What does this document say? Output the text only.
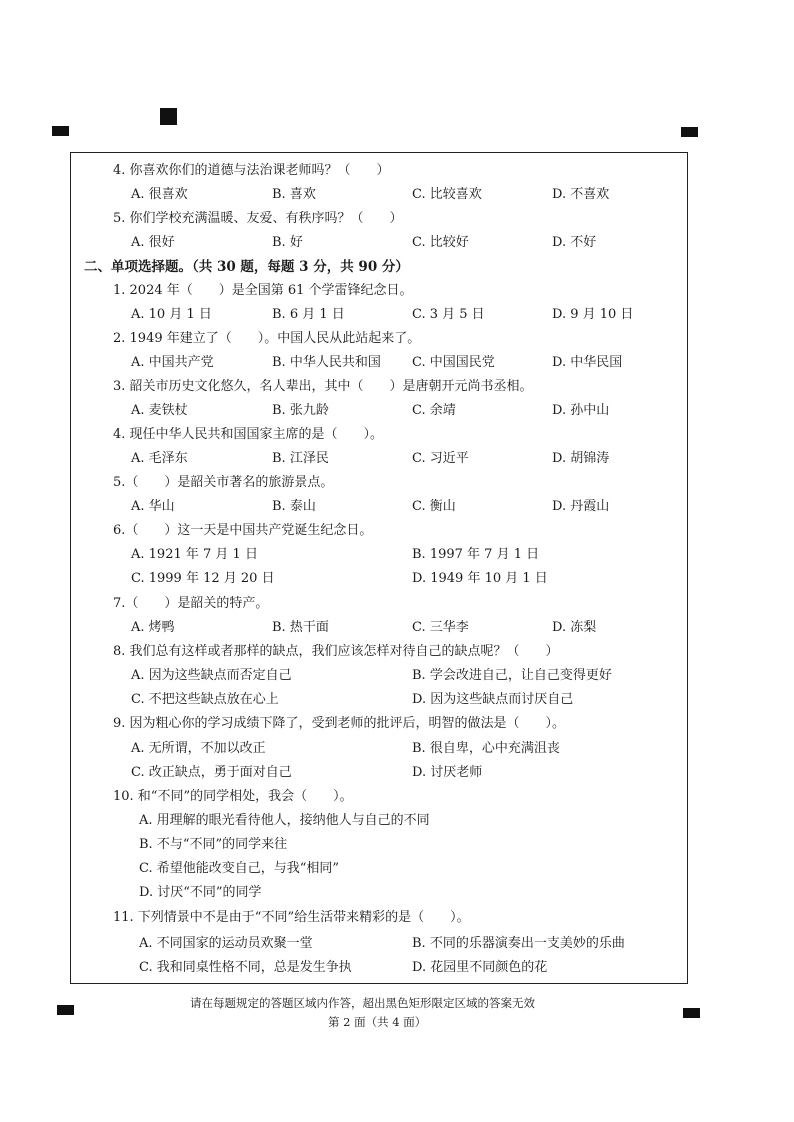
4. 你喜欢你们的道德与法治课老师吗？（　　）
A. 很喜欢	B. 喜欢	C. 比较喜欢	D. 不喜欢
5. 你们学校充满温暖、友爱、有秩序吗？（　　）
A. 很好	B. 好	C. 比较好	D. 不好
二、单项选择题。（共 30 题，每题 3 分，共 90 分）
1. 2024 年（　　）是全国第 61 个学雷锋纪念日。
A. 10 月 1 日	B. 6 月 1 日	C. 3 月 5 日	D. 9 月 10 日
2. 1949 年建立了（　　）。中国人民从此站起来了。
A. 中国共产党	B. 中华人民共和国 C. 中国国民党	D. 中华民国
3. 韶关市历史文化悠久，名人辈出，其中（　　）是唐朝开元尚书丞相。
A. 麦铁杖	B. 张九龄	C. 余靖	D. 孙中山
4. 现任中华人民共和国国家主席的是（　　）。
A. 毛泽东	B. 江泽民	C. 习近平	D. 胡锦涛
5.（　　）是韶关市著名的旅游景点。
A. 华山	B. 泰山	C. 衡山	D. 丹霞山
6.（　　）这一天是中国共产党诞生纪念日。
A. 1921 年 7 月 1 日	B. 1997 年 7 月 1 日
C. 1999 年 12 月 20 日	D. 1949 年 10 月 1 日
7.（　　）是韶关的特产。
A. 烤鸭	B. 热干面	C. 三华李	D. 冻梨
8. 我们总有这样或者那样的缺点，我们应该怎样对待自己的缺点呢？（　　）
A. 因为这些缺点而否定自己	B. 学会改进自己，让自己变得更好
C. 不把这些缺点放在心上	D. 因为这些缺点而讨厌自己
9. 因为粗心你的学习成绩下降了，受到老师的批评后，明智的做法是（　　）。
A. 无所谓，不加以改正	B. 很自卑，心中充满沮丧
C. 改正缺点，勇于面对自己	D. 讨厌老师
10. 和“不同”的同学相处，我会（　　）。
A. 用理解的眼光看待他人，接纳他人与自己的不同
B. 不与“不同”的同学来往
C. 希望他能改变自己，与我“相同”
D. 讨厌“不同”的同学
11. 下列情景中不是由于“不同”给生活带来精彩的是（　　）。
A. 不同国家的运动员欢聚一堂	B. 不同的乐器演奏出一支美妙的乐曲
C. 我和同桌性格不同，总是发生争执	D. 花园里不同颜色的花
请在每题规定的答题区域内作答，超出黑色矩形限定区域的答案无效
第 2 面（共 4 面）
